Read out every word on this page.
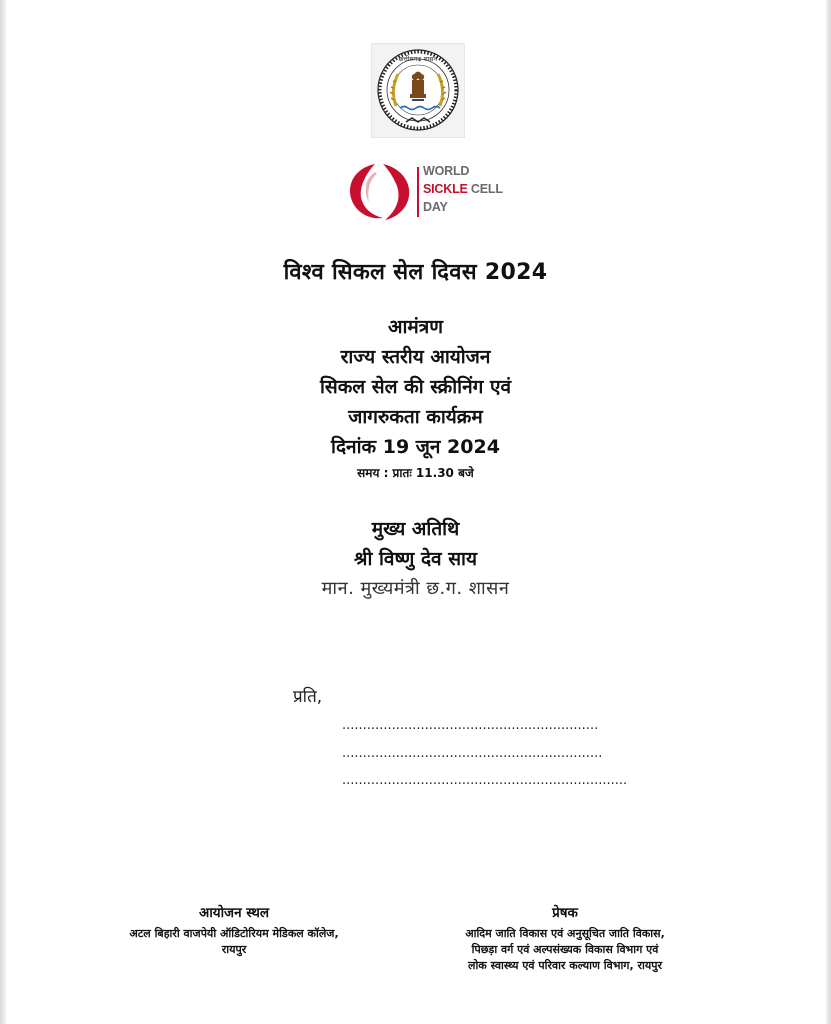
छत्तीसगढ़ शासन
WORLD
SICKLE CELL
DAY
विश्व सिकल सेल दिवस 2024
आमंत्रण
राज्य स्तरीय आयोजन
सिकल सेल की स्क्रीनिंग एवं
जागरुकता कार्यक्रम
दिनांक 19 जून 2024
समय : प्रातः 11.30 बजे
मुख्य अतिथि
श्री विष्णु देव साय
मान. मुख्यमंत्री छ.ग. शासन
प्रति,
..............................................................
...............................................................
.....................................................................
आयोजन स्थल
अटल बिहारी वाजपेयी ऑडिटोरियम मेडिकल कॉलेज,
रायपुर
प्रेषक
आदिम जाति विकास एवं अनुसूचित जाति विकास,
पिछड़ा वर्ग एवं अल्पसंख्यक विकास विभाग एवं
लोक स्वास्थ्य एवं परिवार कल्याण विभाग, रायपुर
